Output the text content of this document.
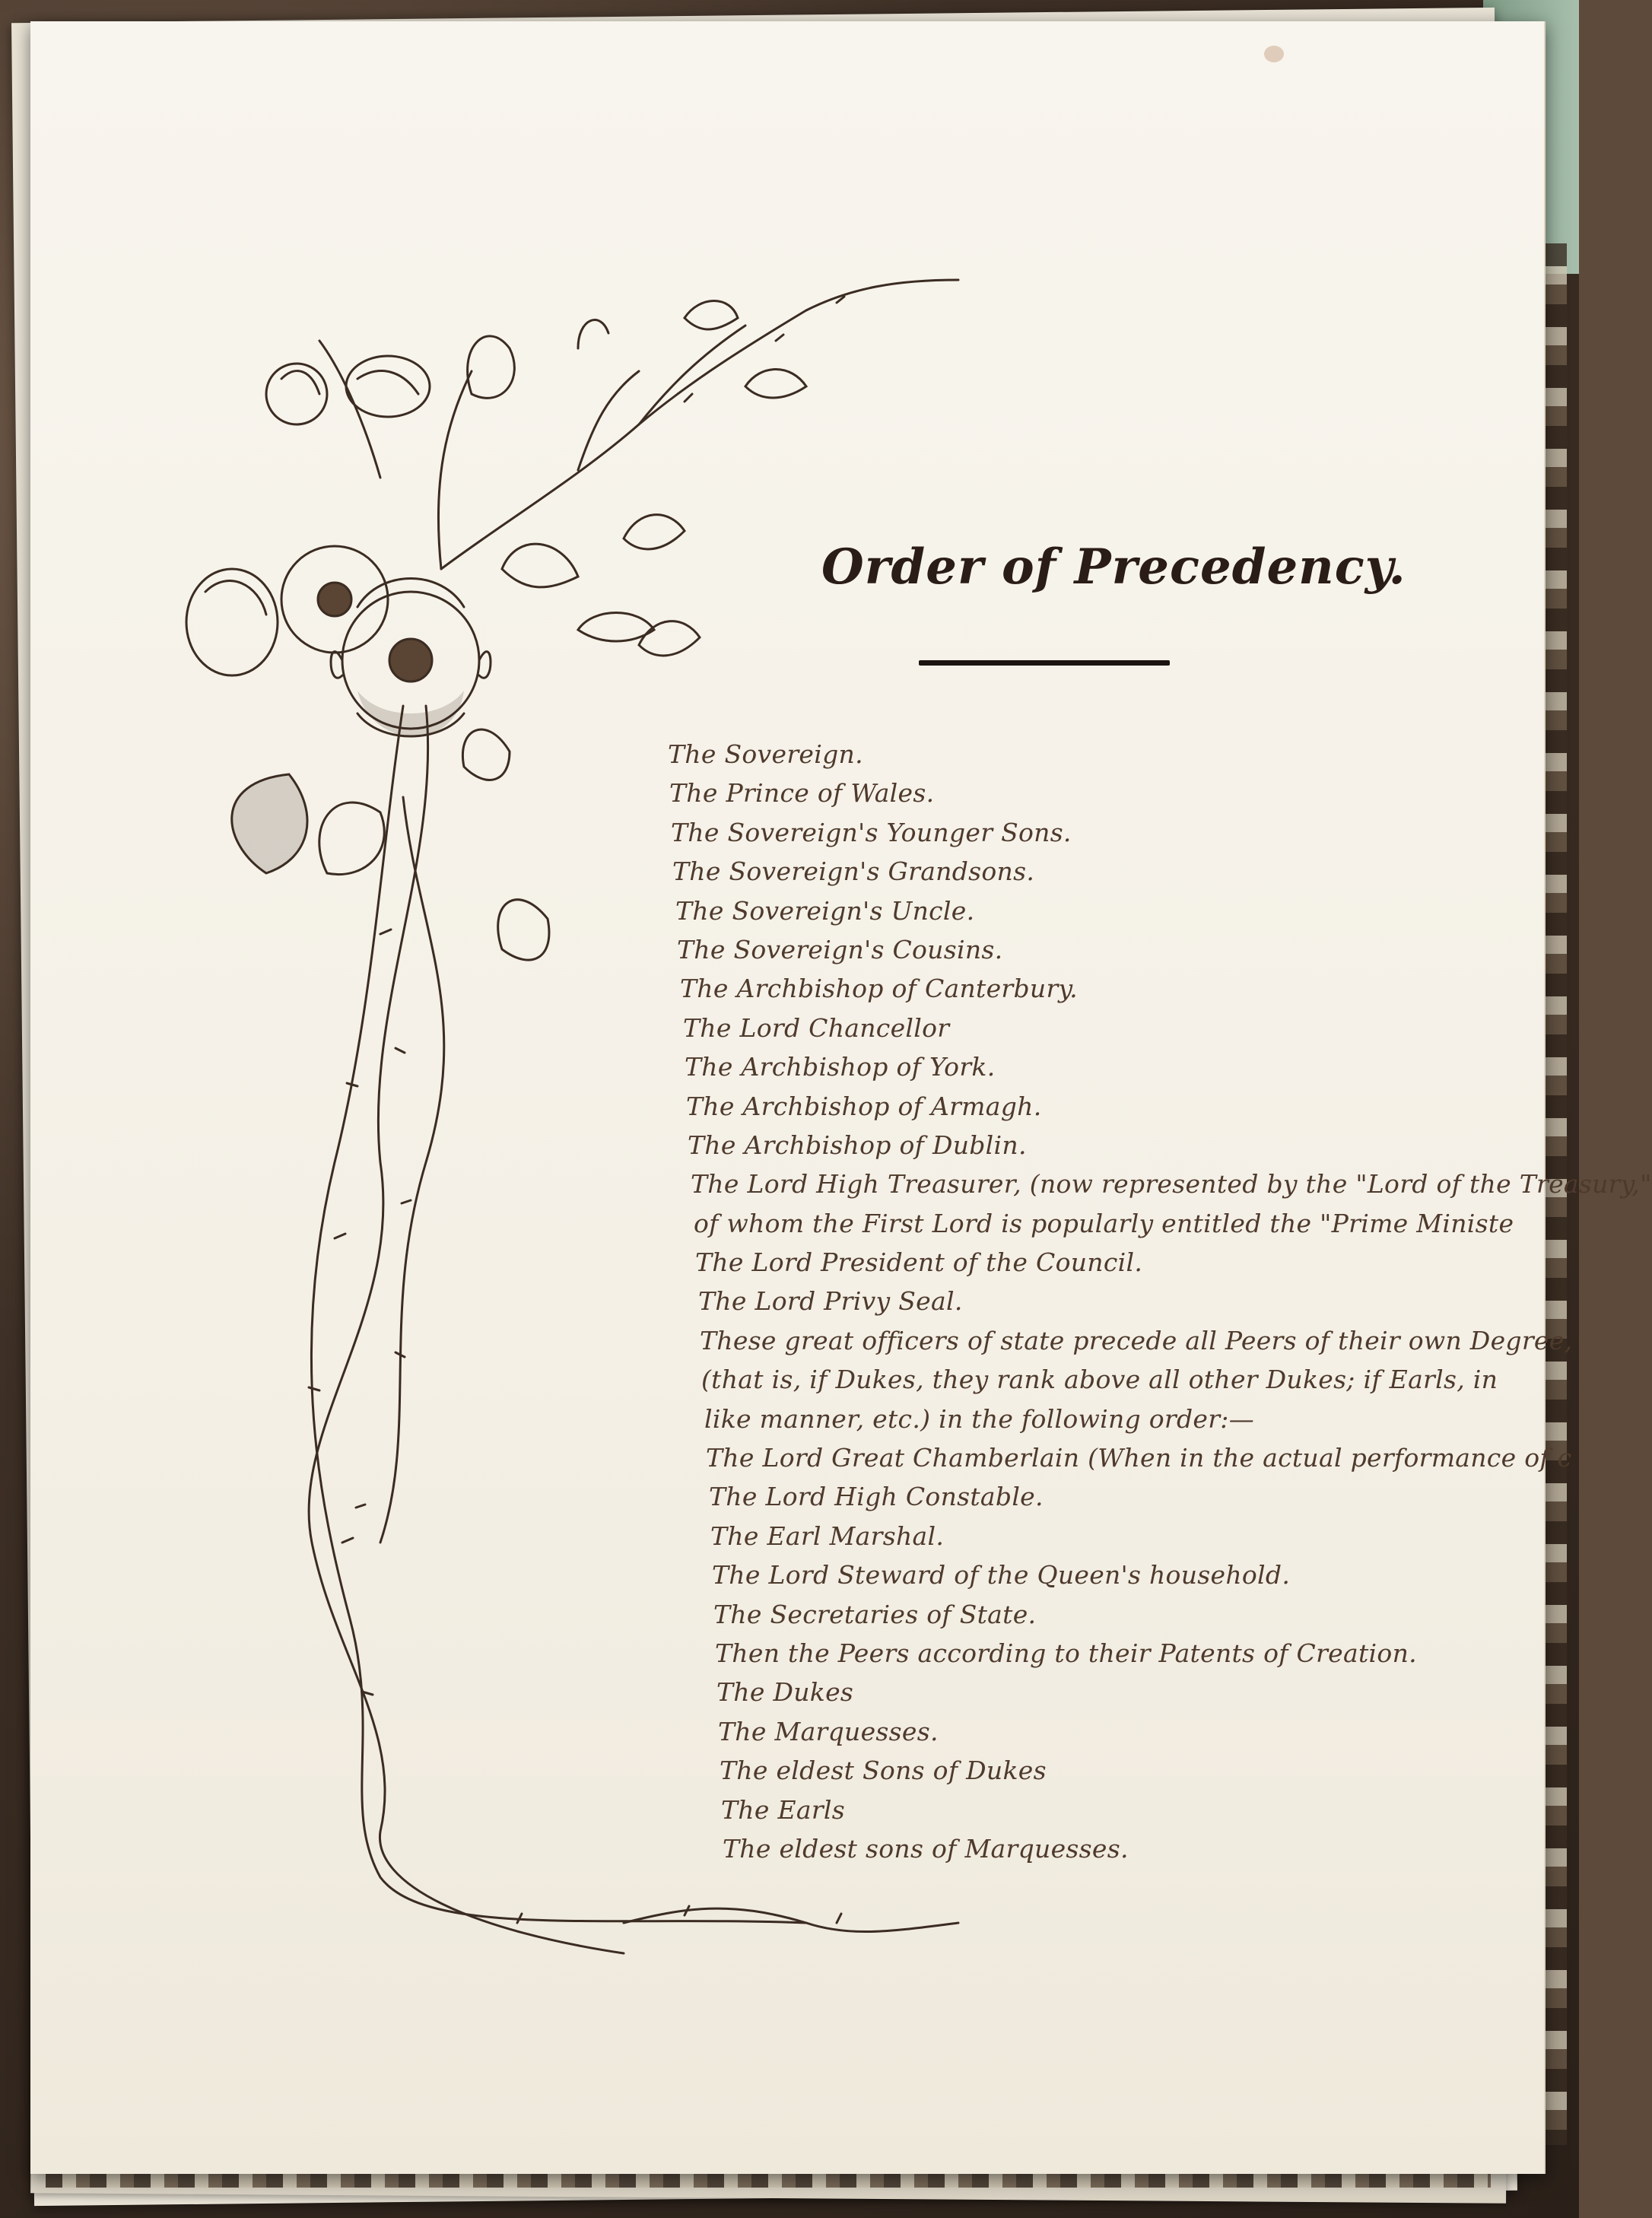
Order of Precedency.
The Sovereign.
The Prince of Wales.
The Sovereign's Younger Sons.
The Sovereign's Grandsons.
The Sovereign's Uncle.
The Sovereign's Cousins.
The Archbishop of Canterbury.
The Lord Chancellor
The Archbishop of York.
The Archbishop of Armagh.
The Archbishop of Dublin.
The Lord High Treasurer, (now represented by the "Lord of the Treasury,"
of whom the First Lord is popularly entitled the "Prime Ministe
The Lord President of the Council.
The Lord Privy Seal.
These great officers of state precede all Peers of their own Degree,
(that is, if Dukes, they rank above all other Dukes; if Earls, in
like manner, etc.) in the following order:—
The Lord Great Chamberlain (When in the actual performance of c
The Lord High Constable.
The Earl Marshal.
The Lord Steward of the Queen's household.
The Secretaries of State.
Then the Peers according to their Patents of Creation.
The Dukes
The Marquesses.
The eldest Sons of Dukes
The Earls
The eldest sons of Marquesses.
